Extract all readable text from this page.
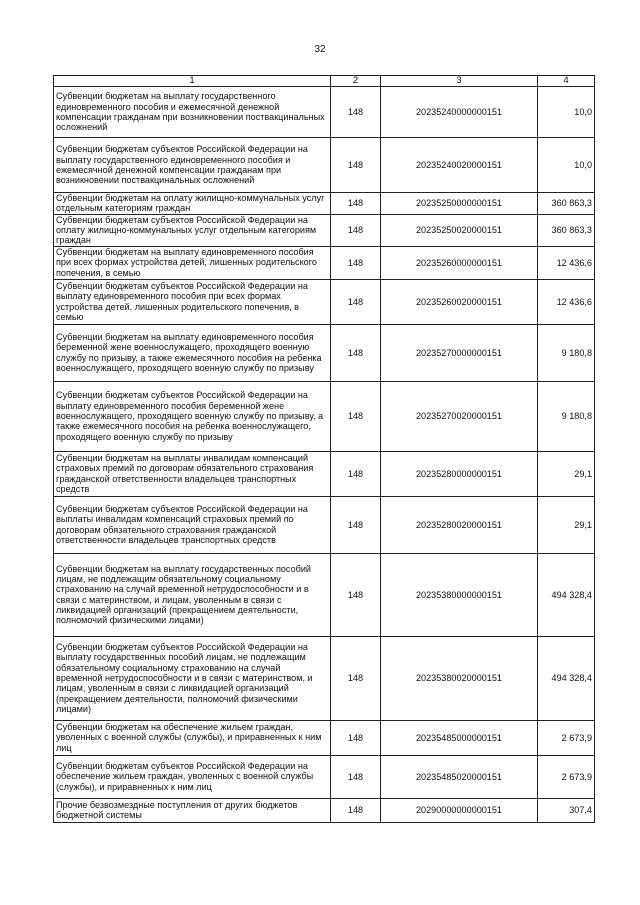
32
1	2	3	4
Субвенции бюджетам на выплату государственного единовременного пособия и ежемесячной денежной компенсации гражданам при возникновении поствакцинальных осложнений	148	20235240000000151	10,0
Субвенции бюджетам субъектов Российской Федерации на выплату государственного единовременного пособия и ежемесячной денежной компенсации гражданам при возникновении поствакцинальных осложнений	148	20235240020000151	10,0
Субвенции бюджетам на оплату жилищно-коммунальных услуг отдельным категориям граждан	148	20235250000000151	360 863,3
Субвенции бюджетам субъектов Российской Федерации на оплату жилищно-коммунальных услуг отдельным категориям граждан	148	20235250020000151	360 863,3
Субвенции бюджетам на выплату единовременного пособия при всех формах устройства детей, лишенных родительского попечения, в семью	148	20235260000000151	12 436,6
Субвенции бюджетам субъектов Российской Федерации на выплату единовременного пособия при всех формах устройства детей, лишенных родительского попечения, в семью	148	20235260020000151	12 436,6
Субвенции бюджетам на выплату единовременного пособия беременной жене военнослужащего, проходящего военную службу по призыву, а также ежемесячного пособия на ребенка военнослужащего, проходящего военную службу по призыву	148	20235270000000151	9 180,8
Субвенции бюджетам субъектов Российской Федерации на выплату единовременного пособия беременной жене военнослужащего, проходящего военную службу по призыву, а также ежемесячного пособия на ребенка военнослужащего, проходящего военную службу по призыву	148	20235270020000151	9 180,8
Субвенции бюджетам на выплаты инвалидам компенсаций страховых премий по договорам обязательного страхования гражданской ответственности владельцев транспортных средств	148	20235280000000151	29,1
Субвенции бюджетам субъектов Российской Федерации на выплаты инвалидам компенсаций страховых премий по договорам обязательного страхования гражданской ответственности владельцев транспортных средств	148	20235280020000151	29,1
Субвенции бюджетам на выплату государственных пособий лицам, не подлежащим обязательному социальному страхованию на случай временной нетрудоспособности и в связи с материнством, и лицам, уволенным в связи с ликвидацией организаций (прекращением деятельности, полномочий физическими лицами)	148	20235380000000151	494 328,4
Субвенции бюджетам субъектов Российской Федерации на выплату государственных пособий лицам, не подлежащим обязательному социальному страхованию на случай временной нетрудоспособности и в связи с материнством, и лицам, уволенным в связи с ликвидацией организаций (прекращением деятельности, полномочий физическими лицами)	148	20235380020000151	494 328,4
Субвенции бюджетам на обеспечение жильем граждан, уволенных с военной службы (службы), и приравненных к ним лиц	148	20235485000000151	2 673,9
Субвенции бюджетам субъектов Российской Федерации на обеспечение жильем граждан, уволенных с военной службы (службы), и приравненных к ним лиц	148	20235485020000151	2 673,9
Прочие безвозмездные поступления от других бюджетов бюджетной системы	148	20290000000000151	307,4
